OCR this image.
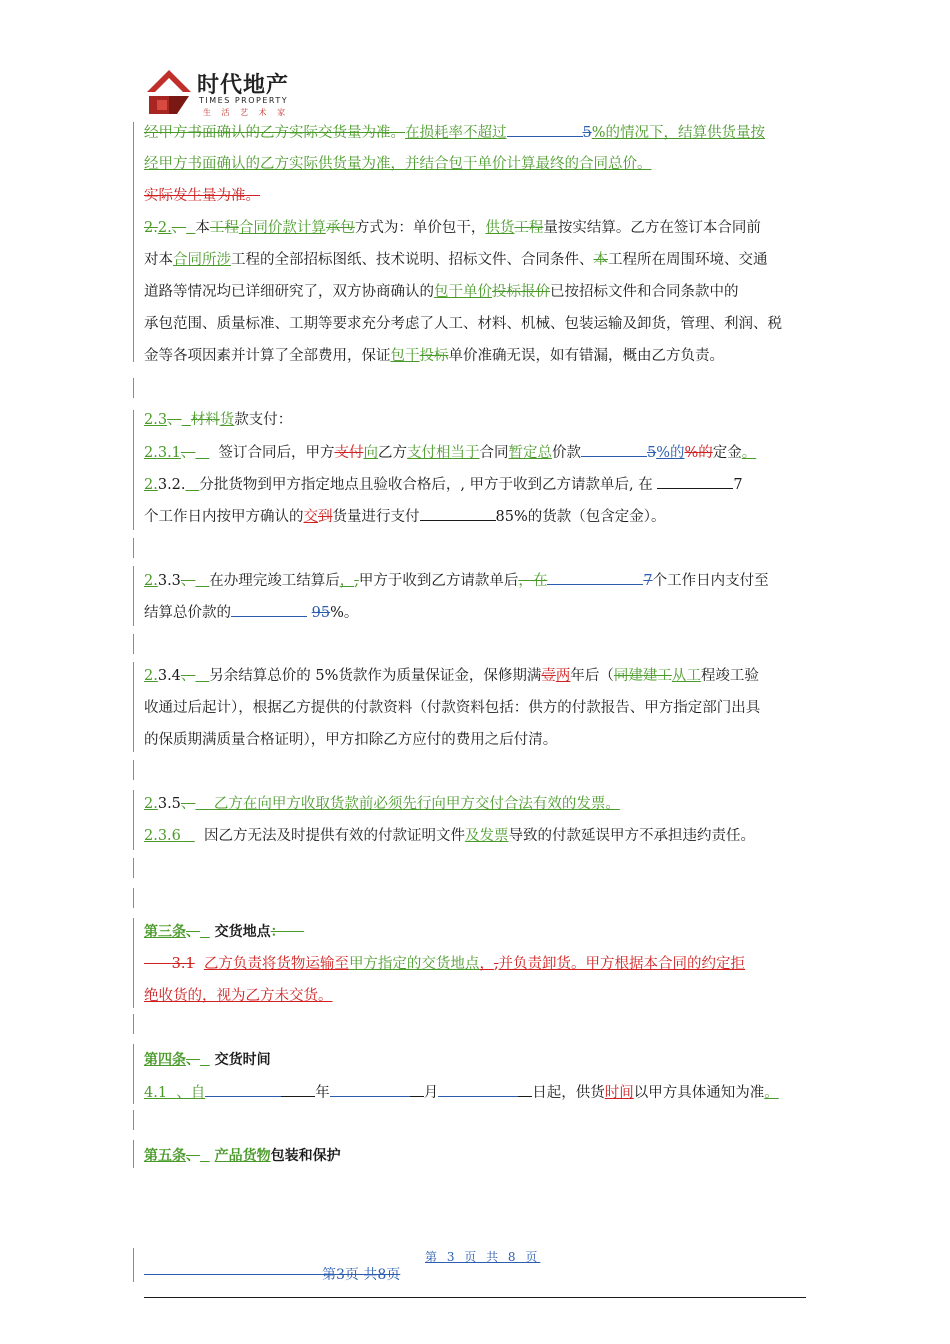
时代地产
TIMES PROPERTY
生 活 艺 术 家
经甲方书面确认的乙方实际交货量为准。在损耗率不超过	5%的情况下，结算供货量按
经甲方书面确认的乙方实际供货量为准，并结合包干单价计算最终的合同总价。
实际发生量为准。
2.2.、 本工程合同价款计算承包方式为：单价包干，供货工程量按实结算。乙方在签订本合同前
对本合同所涉工程的全部招标图纸、技术说明、招标文件、合同条件、本工程所在周围环境、交通
道路等情况均已详细研究了，双方协商确认的包干单价投标报价已按招标文件和合同条款中的
承包范围、质量标准、工期等要求充分考虑了人工、材料、机械、包装运输及卸货，管理、利润、税
金等各项因素并计算了全部费用，保证包干投标单价准确无误，如有错漏，概由乙方负责。
2.3、 材料货款支付：
2.3.1、 签订合同后，甲方支付向乙方支付相当于合同暂定总价款	5%的%的定金。
2.3.2. 分批货物到甲方指定地点且验收合格后，, 甲方于收到乙方请款单后, 在	7
个工作日内按甲方确认的交到货量进行支付	85%的货款（包含定金）。
2.3.3、 在办理完竣工结算后，,甲方于收到乙方请款单后，在	7个工作日内支付至
结算总价款的	95%。
2.3.4、 另余结算总价的 5%货款作为质量保证金，保修期满壹两年后（同建建工从工程竣工验
收通过后起计），根据乙方提供的付款资料（付款资料包括：供方的付款报告、甲方指定部门出具
的保质期满质量合格证明），甲方扣除乙方应付的费用之后付清。
2.3.5、 乙方在向甲方收取货款前必须先行向甲方交付合法有效的发票。
2.3.6 因乙方无法及时提供有效的付款证明文件及发票导致的付款延误甲方不承担违约责任。
第三条、 交货地点：
3.1 乙方负责将货物运输至甲方指定的交货地点，,并负责卸货。甲方根据本合同的约定拒
绝收货的，视为乙方未交货。
第四条、 交货时间
4.1 、自	年	月	日起，供货时间以甲方具体通知为准。
第五条、 产品货物包装和保护
第 3 页 共 8 页
第3页 共8页
